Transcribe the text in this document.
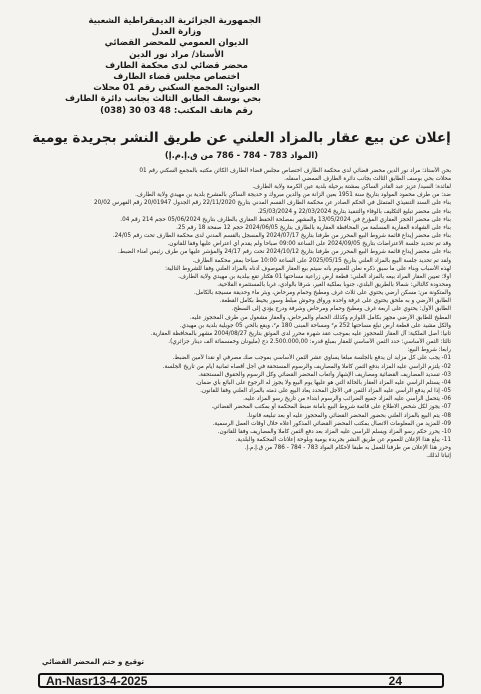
الجمهورية الجزائرية الديمقراطية الشعبية
وزارة العدل
الديوان العمومي للمحضر القضائي
الأستاذ/ مراد نور الدين
محضر قضائي لدى محكمة الطارف
اختصاص مجلس قضاء الطارف
العنوان: المجمع السكني رقم 01 محلات
بحي بوسف الطابق الثالث بجانب دائرة الطارف
رقم هاتف المكتب: 48 03 30 (038)
إعلان عن بيع عقار بالمزاد العلني عن طريق النشر بجريدة يومية
(المواد 783 - 784 - 786 من ق.إ.م.إ)
بحن الأستاذ: مراد نور الدين محضر قضائي لدى محكمة الطارف اختصاص مجلس قضاء الطارف الكائن مكتبه بالمجمع السكني رقم 01
محلات بحي بوسف الطابق الثالث بجانب دائرة الطارف الممضي أسفله.
لفائدة: السيد/ عزيز عبد القادر الساكن بمشتة برحيلة بلدية عين الكرمة ولاية الطارف.
ضد: من طرف محمود المولود بتاريخ سنة 1951 بعين الزانة من والدين مبروك و خديجة الساكن بالمشرع بلدية بن مهيدي ولاية الطارف.
بناء على السند التنفيذي المتمثل في الحكم الصادر عن محكمة الطارف القسم المدني بتاريخ 22/11/2020 رقم الجدول 20/01947 رقم الفهرس 20/02
بناء على محضر تبليغ التكليف بالوفاء والتنفيذ بتاريخ 22/03/2024 و 25/03/2024.
بناء على محضر الحجز العقاري المؤرخ في 13/05/2024 والمشهر بمصلحة الحفظ العقاري بالطارف بتاريخ 05/06/2024 حجم 214 رقم 04.
بناء على الشهادة العقارية المسلمة من المحافظة العقارية بالطارف بتاريخ 2024/06/05 حجم 12 صفحة 18 رقم 25.
بناء على محضر إيداع قائمة شروط البيع المحرر من طرفنا بتاريخ 2024/07/17 والمسجل بالقسم المدني لدى محكمة الطارف تحت رقم 24/05.
وقد تم تحديد جلسة الاعتراضات بتاريخ 2024/09/05 على الساعة 09:00 صباحا ولم يقدم أي اعتراض عليها وفقا للقانون.
بناء على محضر إيداع قائمة شروط البيع المحرر من طرفنا بتاريخ 2024/10/12 تحت رقم 24/17 والمؤشر عليها من طرف رئيس أمناء الضبط.
ولقد تم تحديد جلسة البيع بالمزاد العلني بتاريخ 2025/05/15 على الساعة 10:00 صباحا بمقر محكمة الطارف.
لهذه الأسباب وبناء على ما سبق ذكره نعلن للعموم بأنه سيتم بيع العقار الموصوف أدناه بالمزاد العلني وفقا للشروط التالية:
أولا: تعيين العقار المراد بيعه بالمزاد العلني: قطعة أرض زراعية مساحتها 01 هكتار تقع ببلدية بن مهيدي ولاية الطارف.
ومحدودة كالتالي: شمالا بالطريق البلدي، جنوبا بملكية الغير، شرقا بالوادي، غربا بالمستثمرة الفلاحية.
والمتكونة من: مسكن أرضي يحتوي على ثلاث غرف ومطبخ وحمام ومرحاض، وبئر ماء وحديقة مسيجة بالكامل.
الطابق الأرضي و به ملحق يحتوي على غرفة واحدة ورواق وحوش مبلط وسور يحيط بكامل القطعة.
الطابق الأول: يحتوي على أربعة غرف ومطبخ وحمام ومرحاض وشرفة ودرج يؤدي إلى السطح.
المطبخ للطابق الأرضي مجهز بكامل اللوازم وكذلك الحمام والمرحاض، والعقار مشغول من طرف المحجوز عليه.
والكل مشيد على قطعة أرض تبلغ مساحتها 252 م² ومساحة المبنى 180 م²، ويقع بالحي 05 جويلية بلدية بن مهيدي.
ثانيا: أصل الملكية: آل العقار للمحجوز عليه بموجب عقد شهرة محرر لدى الموثق بتاريخ 2004/08/27 مشهر بالمحافظة العقارية.
ثالثا: الثمن الأساسي: حدد الثمن الأساسي للعقار بمبلغ قدره: 2.500.000,00 دج (مليونان وخمسمائة ألف دينار جزائري).
رابعا: شروط البيع:
01- يجب على كل مزايد أن يدفع بالجلسة مبلغا يساوي عشر الثمن الأساسي بموجب صك مصرفي أو نقدا لأمين الضبط.
02- يلتزم الراسي عليه المزاد بدفع الثمن كاملا والمصاريف والرسوم المستحقة في أجل أقصاه ثمانية أيام من تاريخ الجلسة.
03- تسديد المصاريف القضائية ومصاريف الإشهار وأتعاب المحضر القضائي وكل الرسوم والحقوق المستحقة.
04- يستلم الراسي عليه المزاد العقار بالحالة التي هو عليها يوم البيع ولا يجوز له الرجوع على البائع بأي ضمان.
05- إذا لم يدفع الراسي عليه المزاد الثمن في الأجل المحدد يعاد البيع على ذمته بالمزاد العلني وفقا للقانون.
06- يتحمل الراسي عليه المزاد جميع الضرائب والرسوم ابتداء من تاريخ رسو المزاد عليه.
07- يجوز لكل شخص الاطلاع على قائمة شروط البيع بأمانة ضبط المحكمة أو بمكتب المحضر القضائي.
08- يتم البيع بالمزاد العلني بحضور المحضر القضائي والمحجوز عليه أو بعد تبليغه قانونا.
09- للمزيد من المعلومات الاتصال بمكتب المحضر القضائي المذكور أعلاه خلال أوقات العمل الرسمية.
10- يحرر حكم رسو المزاد ويسلم للراسي عليه المزاد بعد دفع الثمن كاملا والمصاريف وفقا للقانون.
11- يبلغ هذا الإعلان للعموم عن طريق النشر بجريدة يومية وبلوحة إعلانات المحكمة والبلدية.
وحرر هذا الإعلان من طرفنا للعمل به طبقا لأحكام المواد 783 - 784 - 786 من ق.إ.م.إ.
إثباتا لذلك.
توقيع و ختم المحضر القضائي
An-Nasr13-4-2025	24
